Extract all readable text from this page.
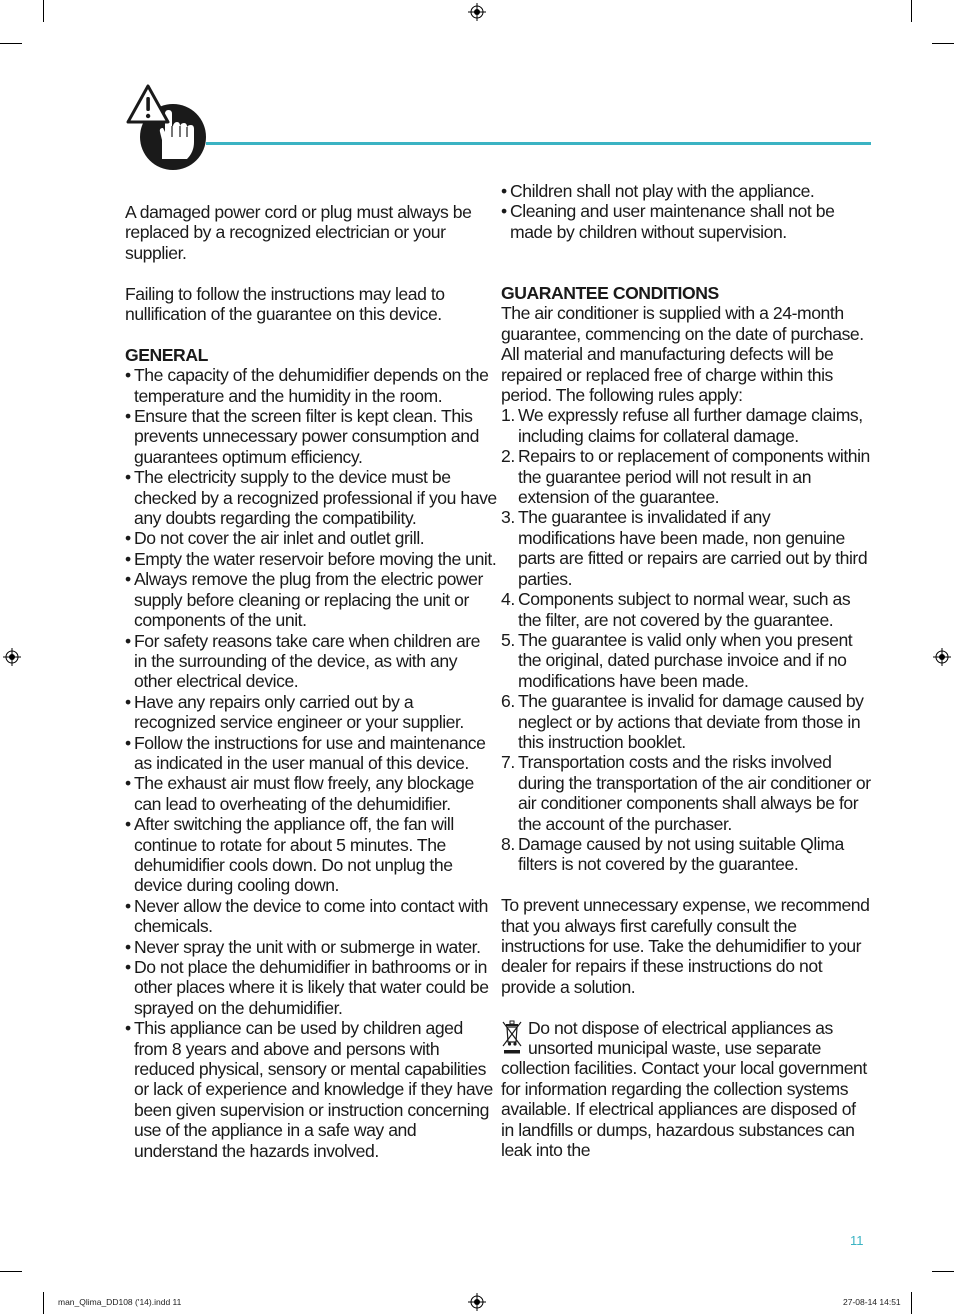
A damaged power cord or plug must always be replaced by a recognized electrician or your supplier.

Failing to follow the instructions may lead to nullification of the guarantee on this device.

GENERAL

• The capacity of the dehumidifier depends on the temperature and the humidity in the room.
• Ensure that the screen filter is kept clean. This prevents unnecessary power consumption and guarantees optimum efficiency.
• The electricity supply to the device must be checked by a recognized professional if you have any doubts regarding the compatibility.
• Do not cover the air inlet and outlet grill.
• Empty the water reservoir before moving the unit.
• Always remove the plug from the electric power supply before cleaning or replacing the unit or components of the unit.
• For safety reasons take care when children are in the surrounding of the device, as with any other electrical device.
• Have any repairs only carried out by a recognized service engineer or your supplier.
• Follow the instructions for use and maintenance as indicated in the user manual of this device.
• The exhaust air must flow freely, any blockage can lead to overheating of the dehumidifier.
• After switching the appliance off, the fan will continue to rotate for about 5 minutes. The dehumidifier cools down. Do not unplug the device during cooling down.
• Never allow the device to come into contact with chemicals.
• Never spray the unit with or submerge in water.
• Do not place the dehumidifier in bathrooms or in other places where it is likely that water could be sprayed on the dehumidifier.
• This appliance can be used by children aged from 8 years and above and persons with reduced physical, sensory or mental capabilities or lack of experience and knowledge if they have been given supervision or instruction concerning use of the appliance in a safe way and understand the hazards involved.
• Children shall not play with the appliance.
• Cleaning and user maintenance shall not be made by children without supervision.

GUARANTEE CONDITIONS

The air conditioner is supplied with a 24-month guarantee, commencing on the date of purchase. All material and manufacturing defects will be repaired or replaced free of charge within this period. The following rules apply:

1. We expressly refuse all further damage claims, including claims for collateral damage.
2. Repairs to or replacement of components within the guarantee period will not result in an extension of the guarantee.
3. The guarantee is invalidated if any modifications have been made, non genuine parts are fitted or repairs are carried out by third parties.
4. Components subject to normal wear, such as the filter, are not covered by the guarantee.
5. The guarantee is valid only when you present the original, dated purchase invoice and if no modifications have been made.
6. The guarantee is invalid for damage caused by neglect or by actions that deviate from those in this instruction booklet.
7. Transportation costs and the risks involved during the transportation of the air conditioner or air conditioner components shall always be for the account of the purchaser.
8. Damage caused by not using suitable Qlima filters is not covered by the guarantee.

To prevent unnecessary expense, we recommend that you always first carefully consult the instructions for use. Take the dehumidifier to your dealer for repairs if these instructions do not provide a solution.

Do not dispose of electrical appliances as unsorted municipal waste, use separate collection facilities. Contact your local government for information regarding the collection systems available. If electrical appliances are disposed of in landfills or dumps, hazardous substances can leak into the
11
man_Qlima_DD108 ('14).indd 11	27-08-14 14:51
